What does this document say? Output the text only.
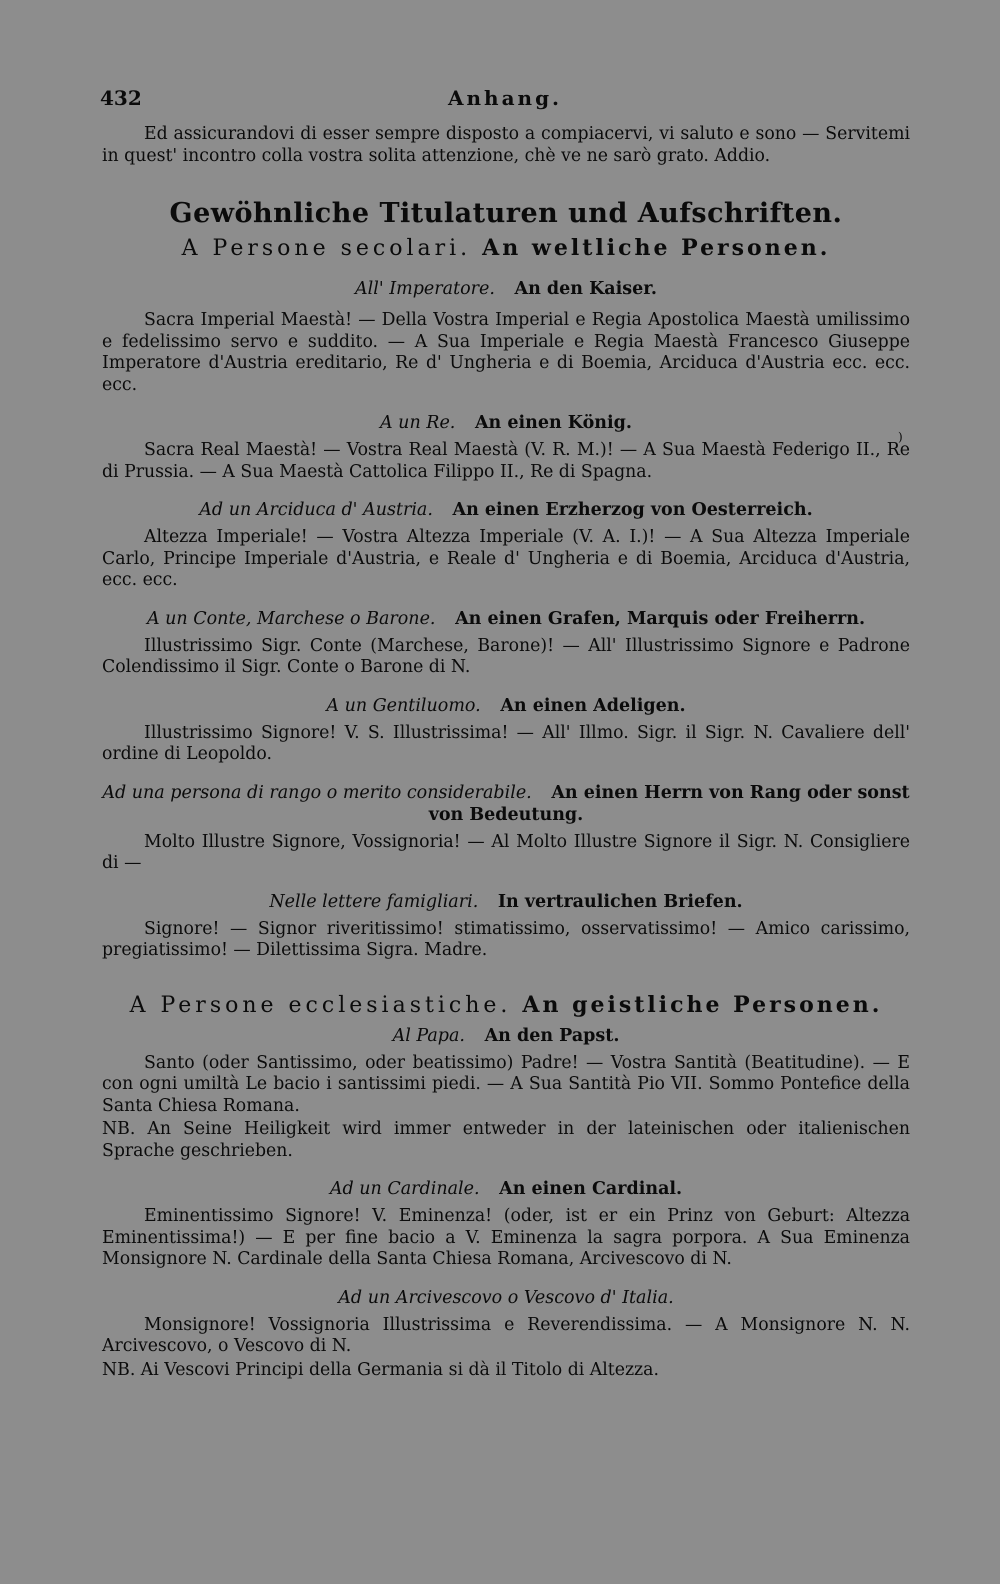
432	Anhang.
)

Ed assicurandovi di esser sempre disposto a compiacervi, vi saluto e sono — Servitemi in quest' incontro colla vostra solita attenzione, chè ve ne sarò grato. Addio.

Gewöhnliche Titulaturen und Aufschriften.
A Persone secolari. An weltliche Personen.
All' Imperatore. An den Kaiser.

Sacra Imperial Maestà! — Della Vostra Imperial e Regia Apostolica Maestà umilissimo e fedelissimo servo e suddito. — A Sua Imperiale e Regia Maestà Francesco Giuseppe Imperatore d'Austria ereditario, Re d' Ungheria e di Boemia, Arciduca d'Austria ecc. ecc. ecc.

A un Re. An einen König.

Sacra Real Maestà! — Vostra Real Maestà (V. R. M.)! — A Sua Maestà Federigo II., Re di Prussia. — A Sua Maestà Cattolica Filippo II., Re di Spagna.

Ad un Arciduca d' Austria. An einen Erzherzog von Oesterreich.

Altezza Imperiale! — Vostra Altezza Imperiale (V. A. I.)! — A Sua Altezza Imperiale Carlo, Principe Imperiale d'Austria, e Reale d' Ungheria e di Boemia, Arciduca d'Austria, ecc. ecc.

A un Conte, Marchese o Barone. An einen Grafen, Marquis oder Freiherrn.

Illustrissimo Sigr. Conte (Marchese, Barone)! — All' Illustrissimo Signore e Padrone Colendissimo il Sigr. Conte o Barone di N.

A un Gentiluomo. An einen Adeligen.

Illustrissimo Signore! V. S. Illustrissima! — All' Illmo. Sigr. il Sigr. N. Cavaliere dell' ordine di Leopoldo.

Ad una persona di rango o merito considerabile. An einen Herrn von Rang oder sonst von Bedeutung.

Molto Illustre Signore, Vossignoria! — Al Molto Illustre Signore il Sigr. N. Consigliere di —

Nelle lettere famigliari. In vertraulichen Briefen.

Signore! — Signor riveritissimo! stimatissimo, osservatissimo! — Amico carissimo, pregiatissimo! — Dilettissima Sigra. Madre.

A Persone ecclesiastiche. An geistliche Personen.
Al Papa. An den Papst.

Santo (oder Santissimo, oder beatissimo) Padre! — Vostra Santità (Beatitudine). — E con ogni umiltà Le bacio i santissimi piedi. — A Sua Santità Pio VII. Sommo Pontefice della Santa Chiesa Romana.

NB. An Seine Heiligkeit wird immer entweder in der lateinischen oder italienischen Sprache geschrieben.

Ad un Cardinale. An einen Cardinal.

Eminentissimo Signore! V. Eminenza! (oder, ist er ein Prinz von Geburt: Altezza Eminentissima!) — E per fine bacio a V. Eminenza la sagra porpora. A Sua Eminenza Monsignore N. Cardinale della Santa Chiesa Romana, Arcivescovo di N.

Ad un Arcivescovo o Vescovo d' Italia.

Monsignore! Vossignoria Illustrissima e Reverendissima. — A Monsignore N. N. Arcivescovo, o Vescovo di N.

NB. Ai Vescovi Principi della Germania si dà il Titolo di Altezza.
